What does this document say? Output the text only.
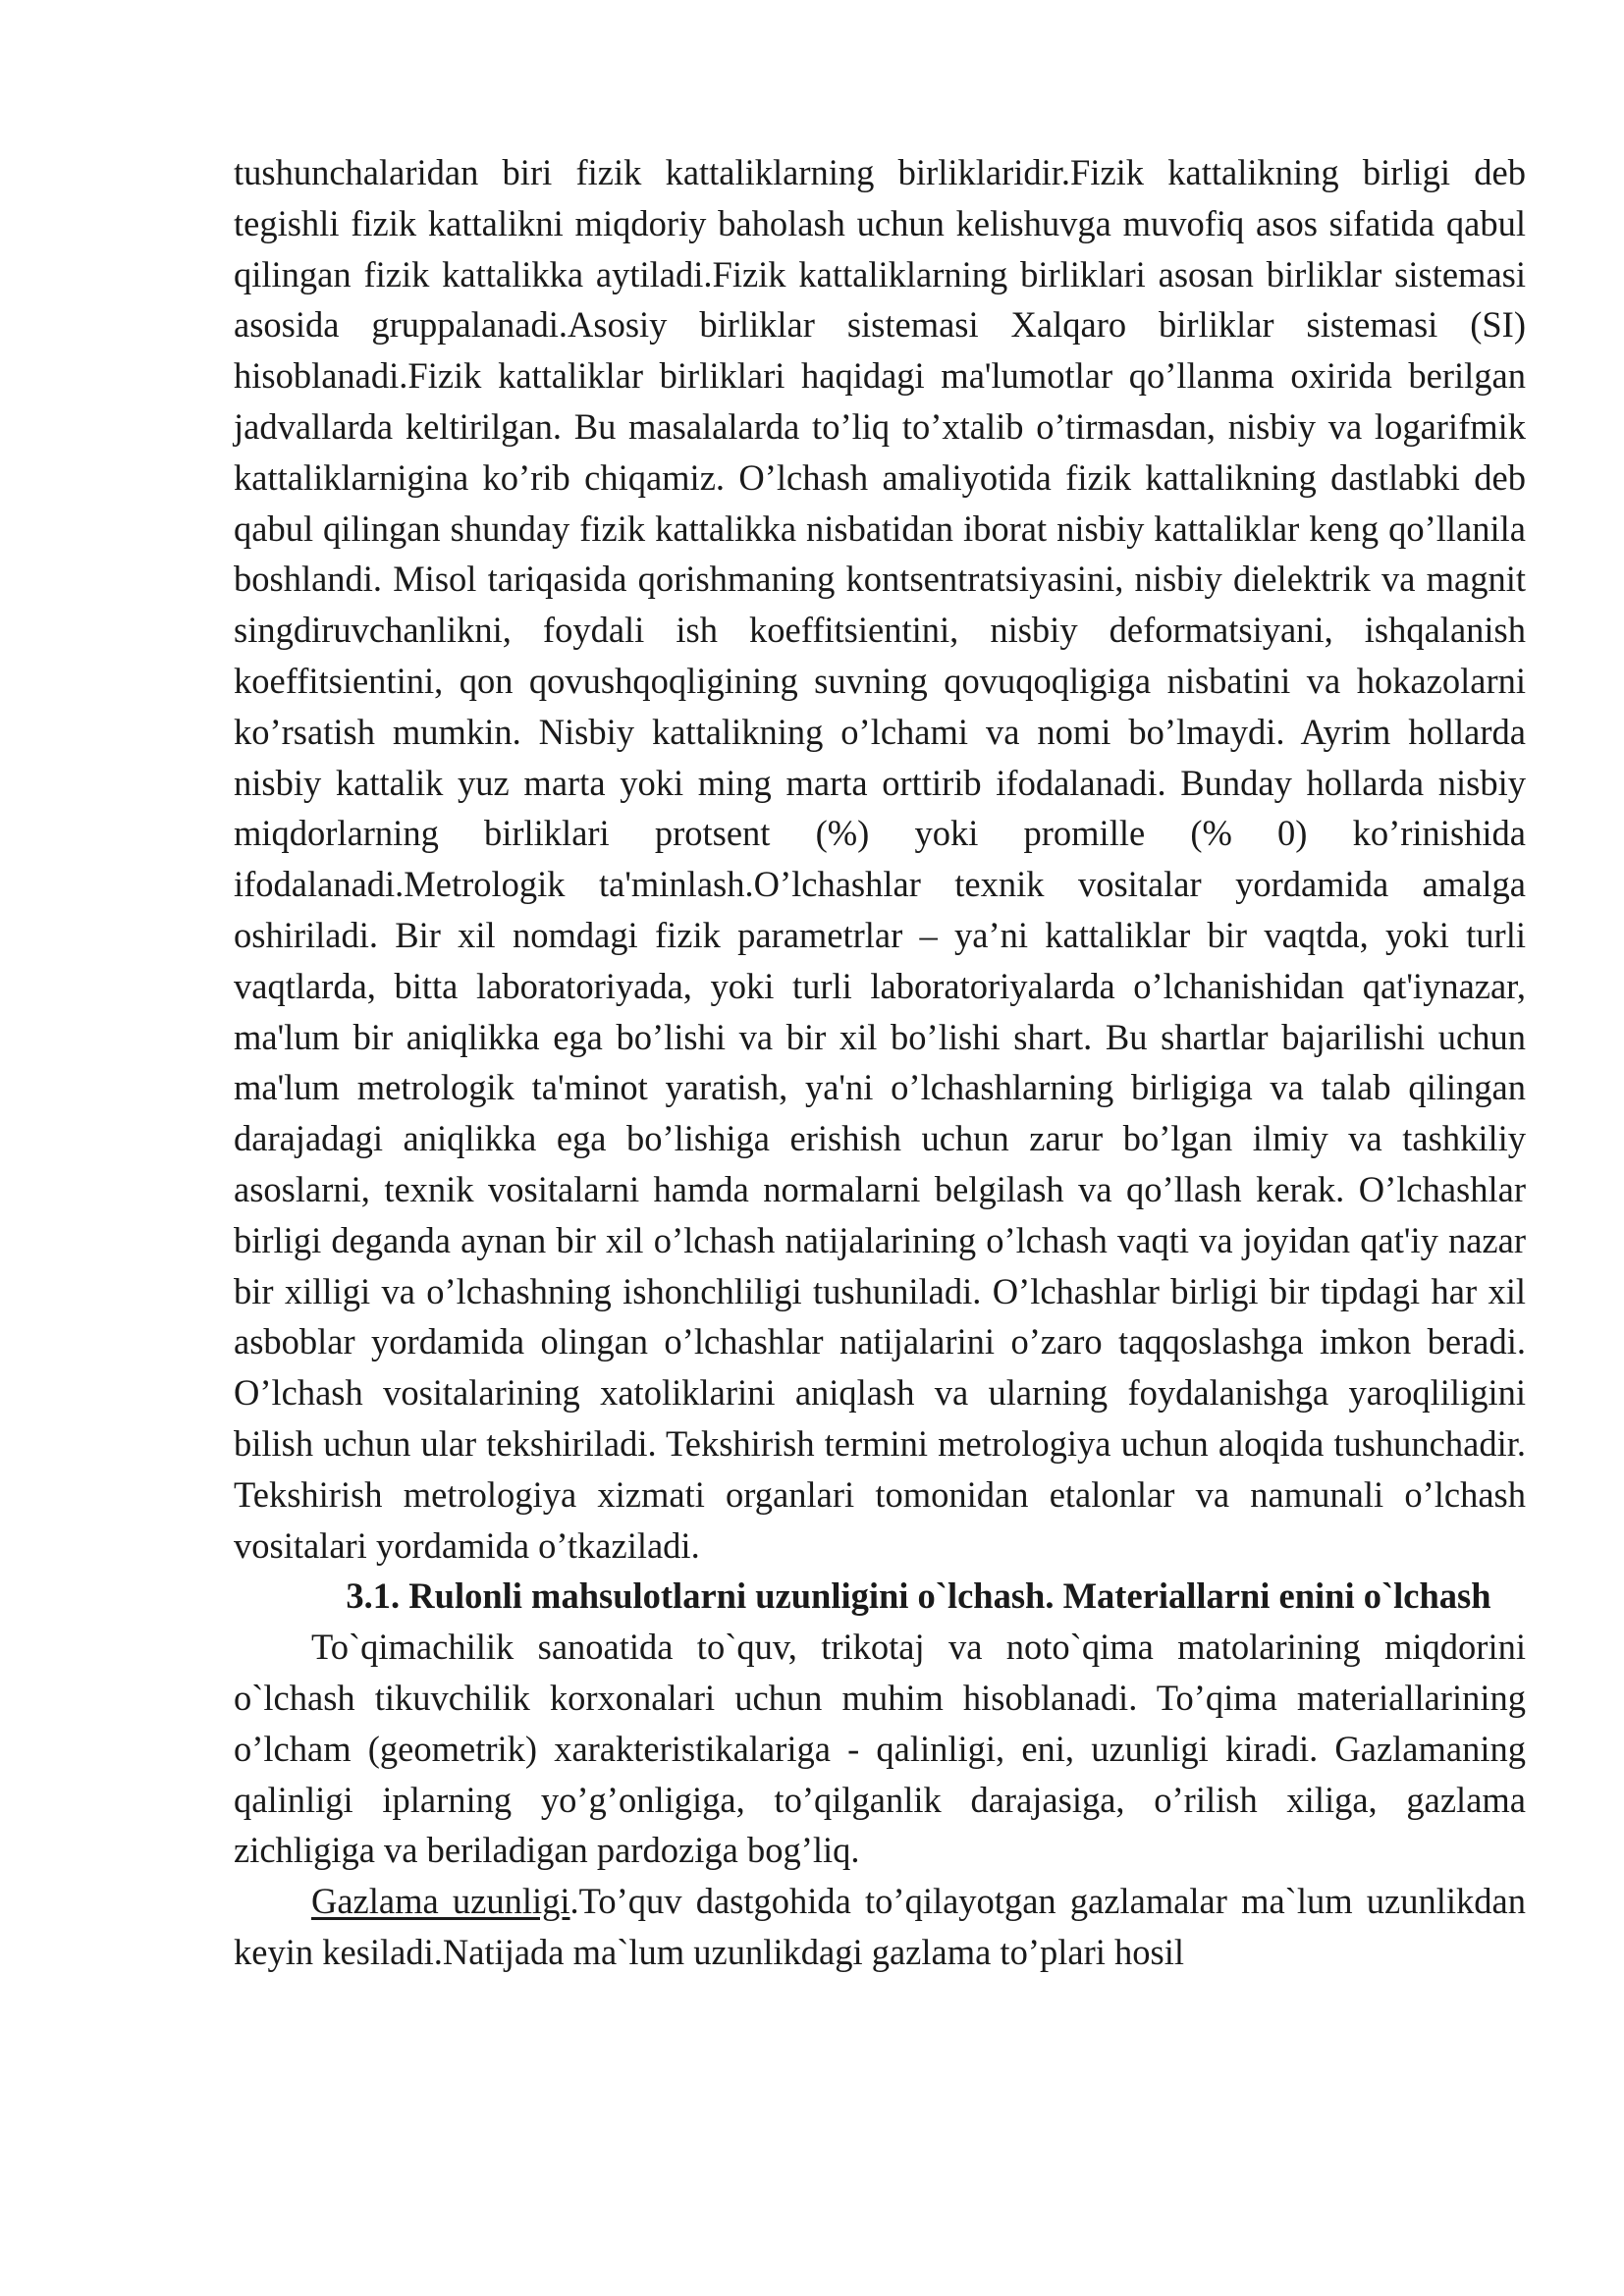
tushunchalaridan biri fizik kattaliklarning birliklaridir.Fizik kattalikning birligi deb tegishli fizik kattalikni miqdoriy baholash uchun kelishuvga muvofiq asos sifatida qabul qilingan fizik kattalikka aytiladi.Fizik kattaliklarning birliklari asosan birliklar sistemasi asosida gruppalanadi.Asosiy birliklar sistemasi Xalqaro birliklar sistemasi (SI) hisoblanadi.Fizik kattaliklar birliklari haqidagi ma'lumotlar qo’llanma oxirida berilgan jadvallarda keltirilgan. Bu masalalarda to’liq to’xtalib o’tirmasdan, nisbiy va logarifmik kattaliklarnigina ko’rib chiqamiz. O’lchash amaliyotida fizik kattalikning dastlabki deb qabul qilingan shunday fizik kattalikka nisbatidan iborat nisbiy kattaliklar keng qo’llanila boshlandi. Misol tariqasida qorishmaning kontsentratsiyasini, nisbiy dielektrik va magnit singdiruvchanlikni, foydali ish koeffitsientini, nisbiy deformatsiyani, ishqalanish koeffitsientini, qon qovushqoqligining suvning qovuqoqligiga nisbatini va hokazolarni ko’rsatish mumkin. Nisbiy kattalikning o’lchami va nomi bo’lmaydi. Ayrim hollarda nisbiy kattalik yuz marta yoki ming marta orttirib ifodalanadi. Bunday hollarda nisbiy miqdorlarning birliklari protsent (%) yoki promille (% 0) ko’rinishida ifodalanadi.Metrologik ta'minlash.O’lchashlar texnik vositalar yordamida amalga oshiriladi. Bir xil nomdagi fizik parametrlar – ya’ni kattaliklar bir vaqtda, yoki turli vaqtlarda, bitta laboratoriyada, yoki turli laboratoriyalarda o’lchanishidan qat'iynazar, ma'lum bir aniqlikka ega bo’lishi va bir xil bo’lishi shart. Bu shartlar bajarilishi uchun ma'lum metrologik ta'minot yaratish, ya'ni o’lchashlarning birligiga va talab qilingan darajadagi aniqlikka ega bo’lishiga erishish uchun zarur bo’lgan ilmiy va tashkiliy asoslarni, texnik vositalarni hamda normalarni belgilash va qo’llash kerak. O’lchashlar birligi deganda aynan bir xil o’lchash natijalarining o’lchash vaqti va joyidan qat'iy nazar bir xilligi va o’lchashning ishonchliligi tushuniladi. O’lchashlar birligi bir tipdagi har xil asboblar yordamida olingan o’lchashlar natijalarini o’zaro taqqoslashga imkon beradi. O’lchash vositalarining xatoliklarini aniqlash va ularning foydalanishga yaroqliligini bilish uchun ular tekshiriladi. Tekshirish termini metrologiya uchun aloqida tushunchadir. Tekshirish metrologiya xizmati organlari tomonidan etalonlar va namunali o’lchash vositalari yordamida o’tkaziladi.

3.1. Rulonli mahsulotlarni uzunligini o`lchash. Materiallarni enini o`lchash

To`qimachilik sanoatida to`quv, trikotaj va noto`qima matolarining miqdorini o`lchash tikuvchilik korxonalari uchun muhim hisoblanadi. To’qima materiallarining o’lcham (geometrik) xarakteristikalariga - qalinligi, eni, uzunligi kiradi. Gazlamaning qalinligi iplarning yo’g’onligiga, to’qilganlik darajasiga, o’rilish xiliga, gazlama zichligiga va beriladigan pardoziga bog’liq.

Gazlama uzunligi.To’quv dastgohida to’qilayotgan gazlamalar ma`lum uzunlikdan keyin kesiladi.Natijada ma`lum uzunlikdagi gazlama to’plari hosil
